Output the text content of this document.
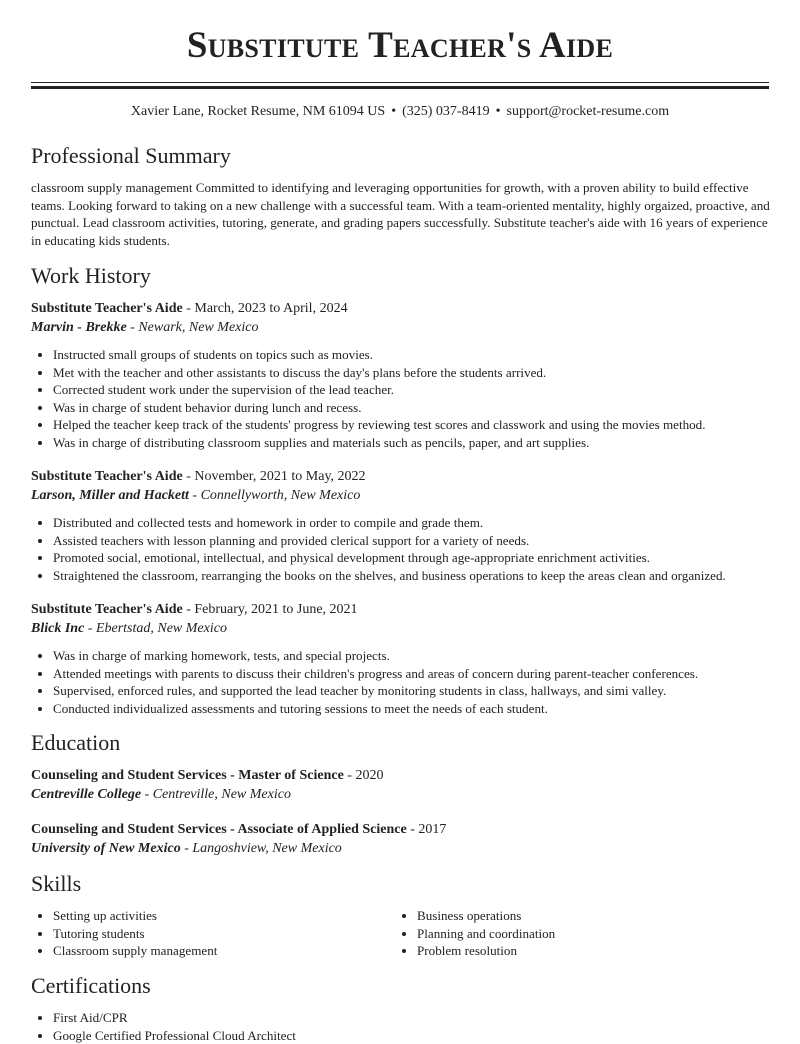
Substitute Teacher's Aide
Xavier Lane, Rocket Resume, NM 61094 US • (325) 037-8419 • support@rocket-resume.com
Professional Summary
classroom supply management Committed to identifying and leveraging opportunities for growth, with a proven ability to build effective teams. Looking forward to taking on a new challenge with a successful team. With a team-oriented mentality, highly orgaized, proactive, and punctual. Lead classroom activities, tutoring, generate, and grading papers successfully. Substitute teacher's aide with 16 years of experience in educating kids students.
Work History
Substitute Teacher's Aide - March, 2023 to April, 2024
Marvin - Brekke - Newark, New Mexico
• Instructed small groups of students on topics such as movies.
• Met with the teacher and other assistants to discuss the day's plans before the students arrived.
• Corrected student work under the supervision of the lead teacher.
• Was in charge of student behavior during lunch and recess.
• Helped the teacher keep track of the students' progress by reviewing test scores and classwork and using the movies method.
• Was in charge of distributing classroom supplies and materials such as pencils, paper, and art supplies.
Substitute Teacher's Aide - November, 2021 to May, 2022
Larson, Miller and Hackett - Connellyworth, New Mexico
• Distributed and collected tests and homework in order to compile and grade them.
• Assisted teachers with lesson planning and provided clerical support for a variety of needs.
• Promoted social, emotional, intellectual, and physical development through age-appropriate enrichment activities.
• Straightened the classroom, rearranging the books on the shelves, and business operations to keep the areas clean and organized.
Substitute Teacher's Aide - February, 2021 to June, 2021
Blick Inc - Ebertstad, New Mexico
• Was in charge of marking homework, tests, and special projects.
• Attended meetings with parents to discuss their children's progress and areas of concern during parent-teacher conferences.
• Supervised, enforced rules, and supported the lead teacher by monitoring students in class, hallways, and simi valley.
• Conducted individualized assessments and tutoring sessions to meet the needs of each student.
Education
Counseling and Student Services - Master of Science - 2020
Centreville College - Centreville, New Mexico
Counseling and Student Services - Associate of Applied Science - 2017
University of New Mexico - Langoshview, New Mexico
Skills
• Setting up activities
• Tutoring students
• Classroom supply management
• Business operations
• Planning and coordination
• Problem resolution
Certifications
• First Aid/CPR
• Google Certified Professional Cloud Architect
